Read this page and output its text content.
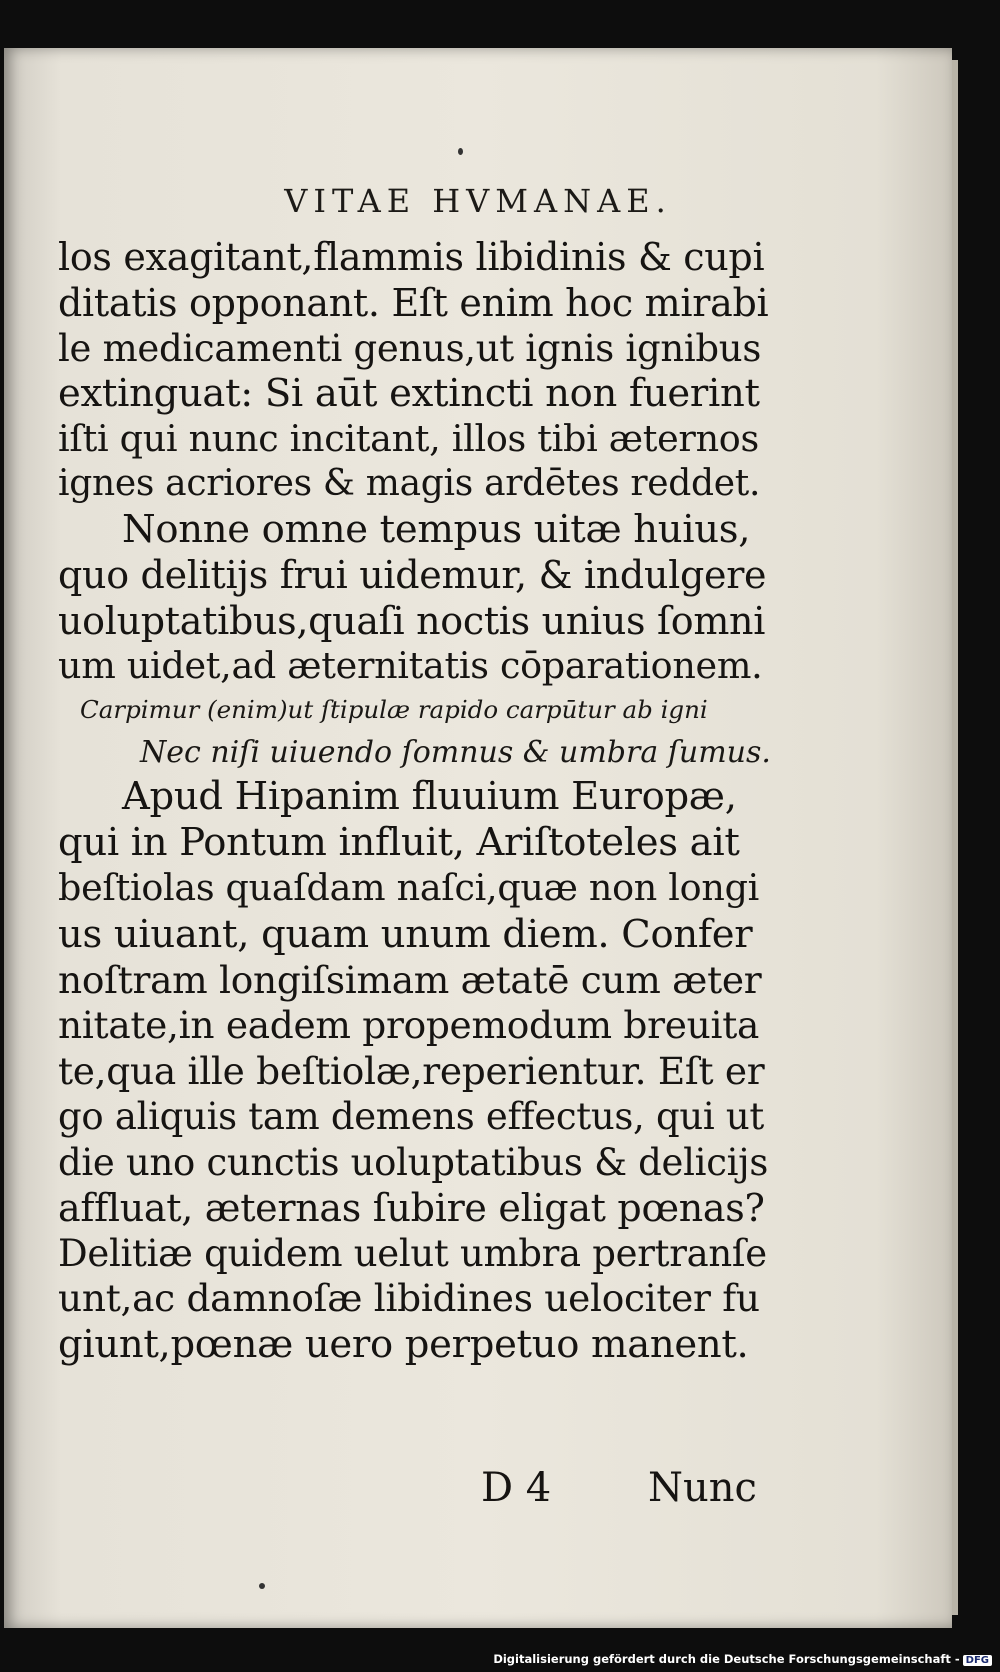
VITAE HVMANAE.
los exagitant,flammis libidinis & cupi
ditatis opponant. Eſt enim hoc mirabi
le medicamenti genus,ut ignis ignibus
extinguat: Si aūt extincti non fuerint
iſti qui nunc incitant, illos tibi æternos
ignes acriores & magis ardētes reddet.
Nonne omne tempus uitæ huius,
quo delitijs frui uidemur, & indulgere
uoluptatibus,quaſi noctis unius ſomni
um uidet,ad æternitatis cōparationem.
Carpimur (enim)ut ſtipulæ rapido carpūtur ab igni
Nec niſi uiuendo ſomnus & umbra ſumus.
Apud Hipanim fluuium Europæ,
qui in Pontum influit, Ariſtoteles ait
beſtiolas quaſdam naſci,quæ non longi
us uiuant, quam unum diem. Confer
noſtram longiſsimam ætatē cum æter
nitate,in eadem propemodum breuita
te,qua ille beſtiolæ,reperientur. Eſt er
go aliquis tam demens effectus, qui ut
die uno cunctis uoluptatibus & delicijs
affluat, æternas ſubire eligat pœnas?
Delitiæ quidem uelut umbra pertranſe
unt,ac damnoſæ libidines uelociter fu
giunt,pœnæ uero perpetuo manent.
D 4 Nunc
Digitalisierung gefördert durch die Deutsche Forschungsgemeinschaft - DFG
